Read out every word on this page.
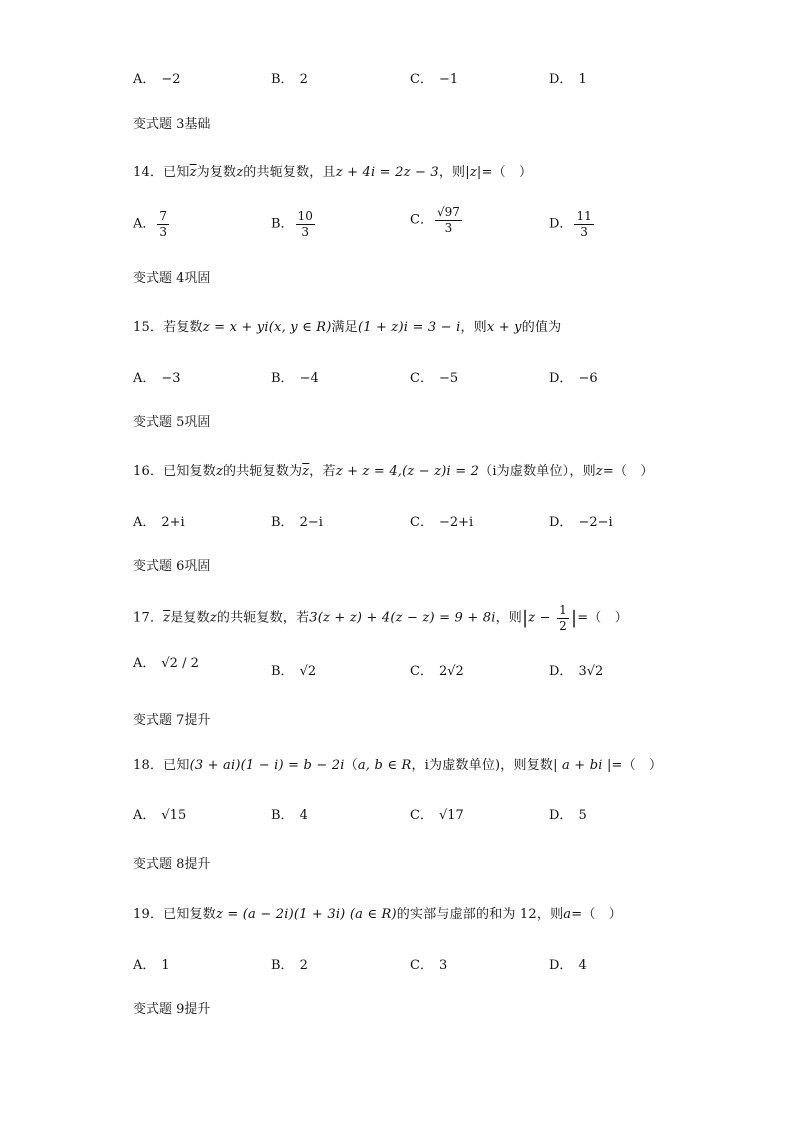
A． −2	B． 2	C． −1	D． 1
变式题 3基础
14．已知$\overline{z}$为复数z的共轭复数，且z + 4i = 2z − 3，则|z|=（　）
A． $\frac{7}{3}$	B． $\frac{10}{3}$	C． $\frac{√97}{3}$	D． $\frac{11}{3}$
变式题 4巩固
15．若复数z = x + yi(x, y ∈ R)满足(1 + z)i = 3 − i，则x + y的值为
A． −3	B． −4	C． −5	D． −6
变式题 5巩固
16．已知复数z的共轭复数为$\overline{z}$，若z + z = 4,(z − z)i = 2（i为虚数单位），则z=（　）
A． 2+i	B． 2−i	C． −2+i	D． −2−i
变式题 6巩固
17．$\overline{z}$是复数z的共轭复数，若3(z + z) + 4(z − z) = 9 + 8i，则$|z - \frac{1}{2}$ |=（　）
A． √2 / 2
B． √2	C． 2√2	D． 3√2
变式题 7提升
18．已知(3 + ai)(1 − i) = b − 2i（a, b ∈ R，i为虚数单位)，则复数| a + bi |=（　）
A． √15	B． 4	C． √17	D． 5
变式题 8提升
19．已知复数z = (a − 2i)(1 + 3i) (a ∈ R)的实部与虚部的和为 12，则a=（　）
A． 1	B． 2	C． 3	D． 4
变式题 9提升
